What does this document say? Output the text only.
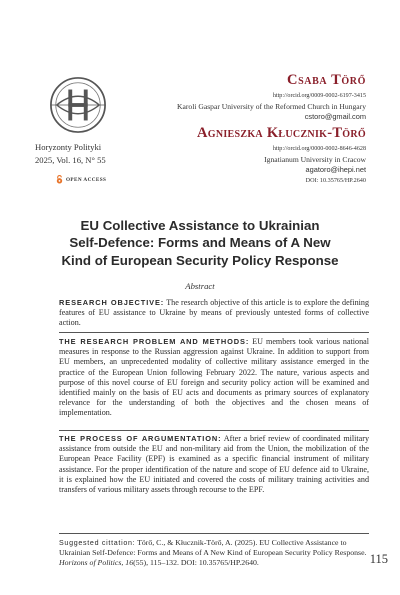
Horyzonty Polityki
2025, Vol. 16, N° 55
OPEN ACCESS
Csaba Törő
http://orcid.org/0009-0002-6197-3415
Karoli Gaspar University of the Reformed Church in Hungary
cstoro@gmail.com
Agnieszka Kłucznik-Törő
http://orcid.org/0000-0002-8646-4628
Ignatianum University in Cracow
agatoro@ihepi.net
DOI: 10.35765/HP.2640
EU Collective Assistance to Ukrainian
Self-Defence: Forms and Means of A New
Kind of European Security Policy Response
Abstract
RESEARCH OBJECTIVE: The research objective of this article is to explore the defining features of EU assistance to Ukraine by means of previously untested forms of collective action.
THE RESEARCH PROBLEM AND METHODS: EU members took various national measures in response to the Russian aggression against Ukraine. In addition to support from EU members, an unprecedented modality of collective military assistance emerged in the practice of the European Union following February 2022. The nature, various aspects and purpose of this novel course of EU foreign and security policy action will be examined and identified mainly on the basis of EU acts and documents as primary sources of explanatory relevance for the understanding of both the objectives and the chosen means of implementation.
THE PROCESS OF ARGUMENTATION: After a brief review of coordinated military assistance from outside the EU and non-military aid from the Union, the mobilization of the European Peace Facility (EPF) is examined as a specific financial instrument of military assistance. For the proper identification of the nature and scope of EU defence aid to Ukraine, it is explained how the EU initiated and covered the costs of military training activities and transfers of various military assets through recourse to the EPF.
Suggested cittation: Törő, C., & Kłucznik-Törő, A. (2025). EU Collective Assistance to Ukrainian Self-Defence: Forms and Means of A New Kind of European Security Policy Response. Horizons of Politics, 16(55), 115–132. DOI: 10.35765/HP.2640.	115
